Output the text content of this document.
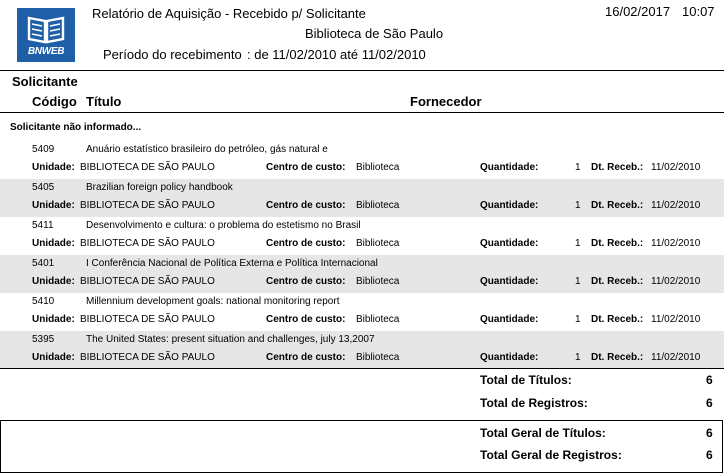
BNWEB
Relatório de Aquisição - Recebido p/ Solicitante	16/02/2017 10:07
Biblioteca de São Paulo
Período do recebimento : de 11/02/2010 até 11/02/2010
Solicitante
Código Título	Fornecedor
Solicitante não informado...
5409	Anuário estatístico brasileiro do petróleo, gás natural e
Unidade: BIBLIOTECA DE SÃO PAULO	Centro de custo: Biblioteca	Quantidade:	1 Dt. Receb.: 11/02/2010
5405	Brazilian foreign policy handbook
Unidade: BIBLIOTECA DE SÃO PAULO	Centro de custo: Biblioteca	Quantidade:	1 Dt. Receb.: 11/02/2010
5411	Desenvolvimento e cultura: o problema do estetismo no Brasil
Unidade: BIBLIOTECA DE SÃO PAULO	Centro de custo: Biblioteca	Quantidade:	1 Dt. Receb.: 11/02/2010
5401	I Conferência Nacional de Política Externa e Política Internacional
Unidade: BIBLIOTECA DE SÃO PAULO	Centro de custo: Biblioteca	Quantidade:	1 Dt. Receb.: 11/02/2010
5410	Millennium development goals: national monitoring report
Unidade: BIBLIOTECA DE SÃO PAULO	Centro de custo: Biblioteca	Quantidade:	1 Dt. Receb.: 11/02/2010
5395	The United States: present situation and challenges, july 13,2007
Unidade: BIBLIOTECA DE SÃO PAULO	Centro de custo: Biblioteca	Quantidade:	1 Dt. Receb.: 11/02/2010
Total de Títulos:	6
Total de Registros:	6
Total Geral de Títulos:	6
Total Geral de Registros:	6
